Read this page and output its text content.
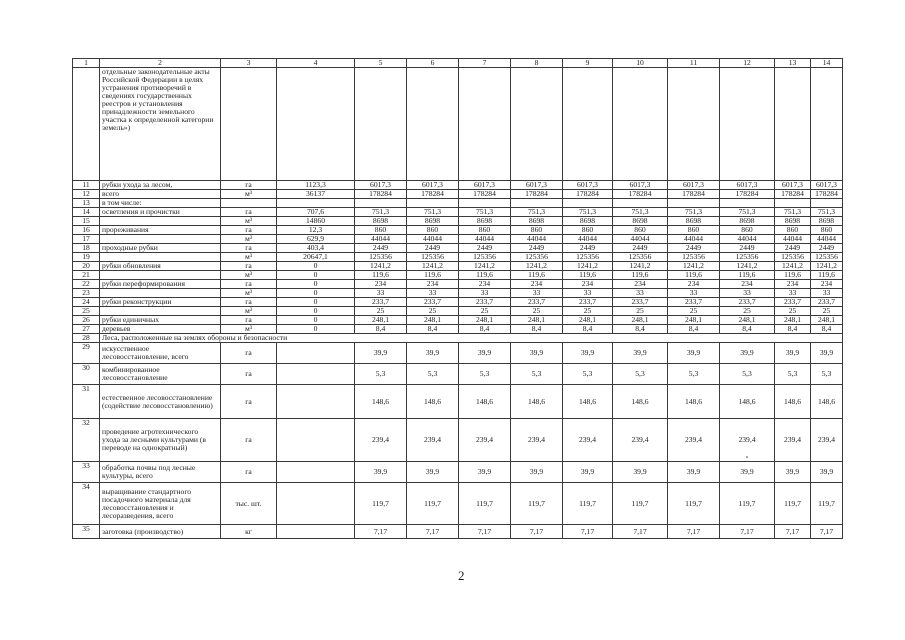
1	2	3	4	5	6	7	8	9	10	11	12	13	14
	отдельные законодательные акты Российской Федерации в целях устранения противоречий в сведениях государственных реестров и установления принадлежности земельного участка к определенной категории земель»)												
11	рубки ухода за лесом,	га	1123,3	6017,3	6017,3	6017,3	6017,3	6017,3	6017,3	6017,3	6017,3	6017,3	6017,3
12	всего	м³	36137	178284	178284	178284	178284	178284	178284	178284	178284	178284	178284
13	в том числе:												
14	осветления и прочистки	га	707,6	751,3	751,3	751,3	751,3	751,3	751,3	751,3	751,3	751,3	751,3
15		м³	14860	8698	8698	8698	8698	8698	8698	8698	8698	8698	8698
16	прореживания	га	12,3	860	860	860	860	860	860	860	860	860	860
17		м³	629,9	44044	44044	44044	44044	44044	44044	44044	44044	44044	44044
18	проходные рубки	га	403,4	2449	2449	2449	2449	2449	2449	2449	2449	2449	2449
19		м³	20647,1	125356	125356	125356	125356	125356	125356	125356	125356	125356	125356
20	рубки обновления	га	0	1241,2	1241,2	1241,2	1241,2	1241,2	1241,2	1241,2	1241,2	1241,2	1241,2
21		м³	0	119,6	119,6	119,6	119,6	119,6	119,6	119,6	119,6	119,6	119,6
22	рубки переформирования	га	0	234	234	234	234	234	234	234	234	234	234
23		м³	0	33	33	33	33	33	33	33	33	33	33
24	рубки реконструкции	га	0	233,7	233,7	233,7	233,7	233,7	233,7	233,7	233,7	233,7	233,7
25		м³	0	25	25	25	25	25	25	25	25	25	25
26	рубки единичных	га	0	248,1	248,1	248,1	248,1	248,1	248,1	248,1	248,1	248,1	248,1
27	деревьев	м³	0	8,4	8,4	8,4	8,4	8,4	8,4	8,4	8,4	8,4	8,4
28	Леса, расположенные на землях обороны и безопасности												
29	искусственное лесовосстановление, всего	га		39,9	39,9	39,9	39,9	39,9	39,9	39,9	39,9	39,9	39,9
30	комбинированное лесовосстановление	га		5,3	5,3	5,3	5,3	5,3	5,3	5,3	5,3	5,3	5,3
31	естественное лесовосстановление (содействие лесовосстановлению)	га		148,6	148,6	148,6	148,6	148,6	148,6	148,6	148,6	148,6	148,6
32	проведение агротехнического ухода за лесными культурами (в переводе на однократный)	га		239,4	239,4	239,4	239,4	239,4	239,4	239,4	239,4	239,4	239,4
33	обработка почвы под лесные культуры, всего	га		39,9	39,9	39,9	39,9	39,9	39,9	39,9	39,9	39,9	39,9
34	выращивание стандартного посадочного материала для лесовосстановления и лесоразведения, всего	тыс. шт.		119,7	119,7	119,7	119,7	119,7	119,7	119,7	119,7	119,7	119,7
35	заготовка (производство)	кг		7,17	7,17	7,17	7,17	7,17	7,17	7,17	7,17	7,17	7,17
2
